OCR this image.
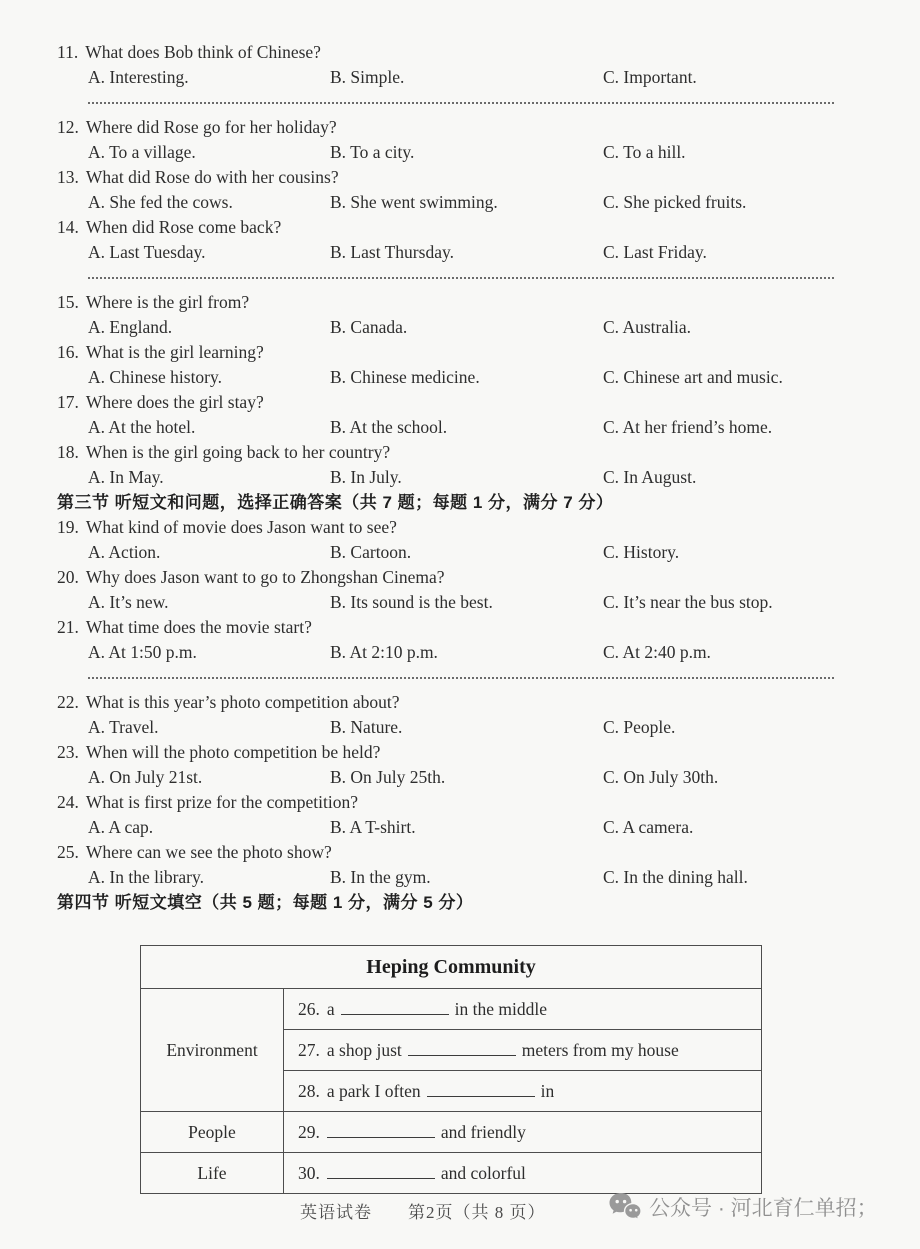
11. What does Bob think of Chinese?
A. Interesting.	B. Simple.	C. Important.
12. Where did Rose go for her holiday?
A. To a village.	B. To a city.	C. To a hill.
13. What did Rose do with her cousins?
A. She fed the cows.	B. She went swimming.	C. She picked fruits.
14. When did Rose come back?
A. Last Tuesday.	B. Last Thursday.	C. Last Friday.
15. Where is the girl from?
A. England.	B. Canada.	C. Australia.
16. What is the girl learning?
A. Chinese history.	B. Chinese medicine.	C. Chinese art and music.
17. Where does the girl stay?
A. At the hotel.	B. At the school.	C. At her friend’s home.
18. When is the girl going back to her country?
A. In May.	B. In July.	C. In August.
第三节 听短文和问题，选择正确答案（共 7 题；每题 1 分，满分 7 分）
19. What kind of movie does Jason want to see?
A. Action.	B. Cartoon.	C. History.
20. Why does Jason want to go to Zhongshan Cinema?
A. It’s new.	B. Its sound is the best.	C. It’s near the bus stop.
21. What time does the movie start?
A. At 1:50 p.m.	B. At 2:10 p.m.	C. At 2:40 p.m.
22. What is this year’s photo competition about?
A. Travel.	B. Nature.	C. People.
23. When will the photo competition be held?
A. On July 21st.	B. On July 25th.	C. On July 30th.
24. What is first prize for the competition?
A. A cap.	B. A T-shirt.	C. A camera.
25. Where can we see the photo show?
A. In the library.	B. In the gym.	C. In the dining hall.
第四节 听短文填空（共 5 题；每题 1 分，满分 5 分）
Heping Community	
Environment	26. a in the middle
	27. a shop just meters from my house
	28. a park I often in
People	29. and friendly
Life	30. and colorful
英语试卷　　第2页（共 8 页）	公众号 · 河北育仁单招；
